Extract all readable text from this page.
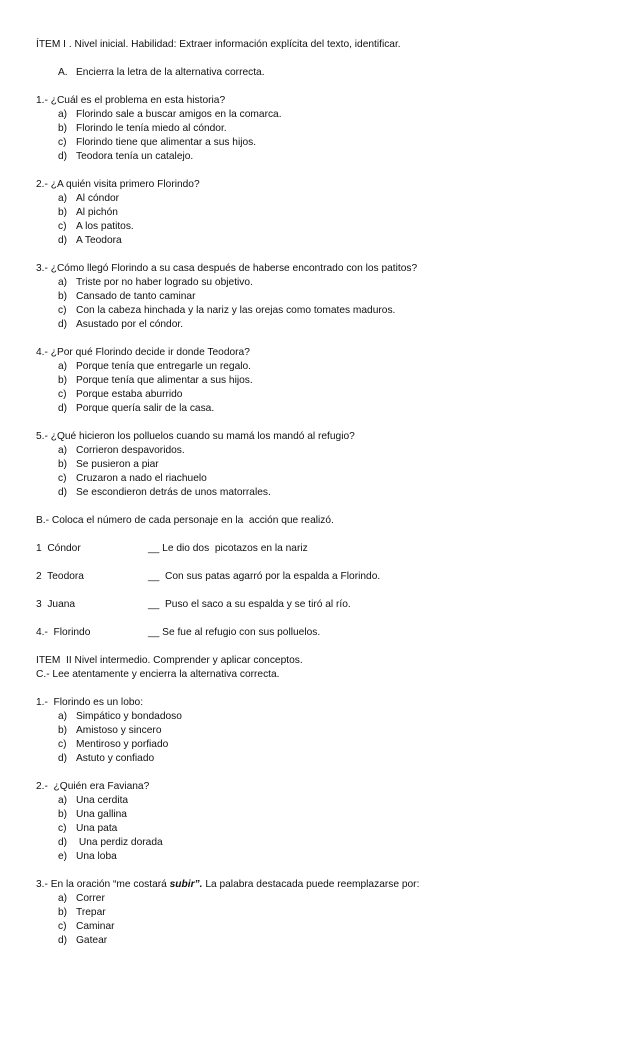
ÍTEM I . Nivel inicial. Habilidad: Extraer información explícita del texto, identificar.
A. Encierra la letra de la alternativa correcta.
1.- ¿Cuál es el problema en esta historia?
a) Florindo sale a buscar amigos en la comarca.
b) Florindo le tenía miedo al cóndor.
c) Florindo tiene que alimentar a sus hijos.
d) Teodora tenía un catalejo.
2.- ¿A quién visita primero Florindo?
a) Al cóndor
b) Al pichón
c) A los patitos.
d) A Teodora
3.- ¿Cómo llegó Florindo a su casa después de haberse encontrado con los patitos?
a) Triste por no haber logrado su objetivo.
b) Cansado de tanto caminar
c) Con la cabeza hinchada y la nariz y las orejas como tomates maduros.
d) Asustado por el cóndor.
4.- ¿Por qué Florindo decide ir donde Teodora?
a) Porque tenía que entregarle un regalo.
b) Porque tenía que alimentar a sus hijos.
c) Porque estaba aburrido
d) Porque quería salir de la casa.
5.- ¿Qué hicieron los polluelos cuando su mamá los mandó al refugio?
a) Corrieron despavoridos.
b) Se pusieron a piar
c) Cruzaron a nado el riachuelo
d) Se escondieron detrás de unos matorrales.
B.- Coloca el número de cada personaje en la  acción que realizó.
1  Cóndor	__ Le dio dos  picotazos en la nariz
2  Teodora	__  Con sus patas agarró por la espalda a Florindo.
3  Juana	__  Puso el saco a su espalda y se tiró al río.
4.-  Florindo	__ Se fue al refugio con sus polluelos.
ITEM  II Nivel intermedio. Comprender y aplicar conceptos.
C.- Lee atentamente y encierra la alternativa correcta.
1.-  Florindo es un lobo:
a) Simpático y bondadoso
b) Amistoso y sincero
c) Mentiroso y porfiado
d) Astuto y confiado
2.-  ¿Quién era Faviana?
a) Una cerdita
b) Una gallina
c) Una pata
d) Una perdiz dorada
e) Una loba
3.- En la oración “me costará subir”. La palabra destacada puede reemplazarse por:
a) Correr
b) Trepar
c) Caminar
d) Gatear
